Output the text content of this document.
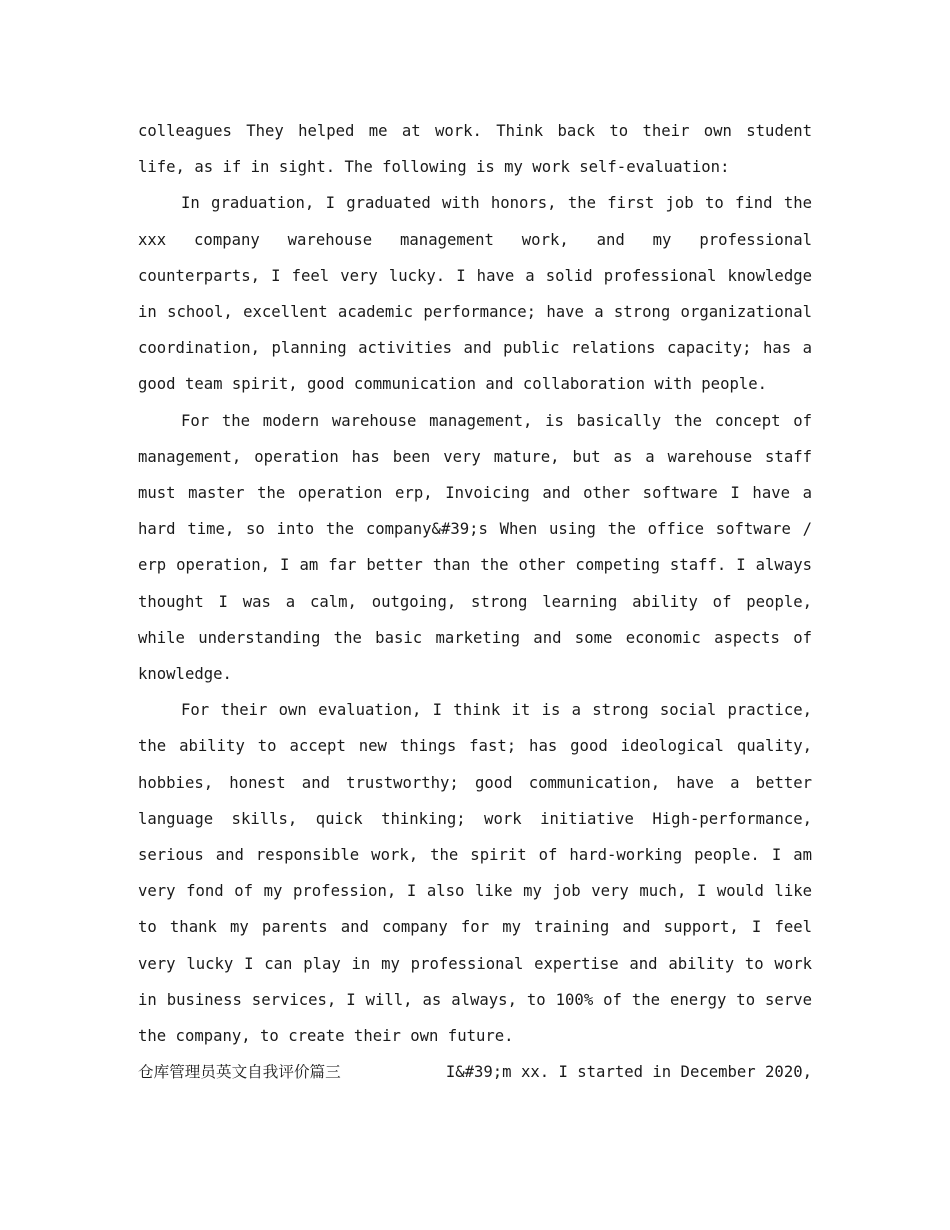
colleagues They helped me at work. Think back to their own student life, as if in sight. The following is my work self-evaluation:

In graduation, I graduated with honors, the first job to find the xxx company warehouse management work, and my professional counterparts, I feel very lucky. I have a solid professional knowledge in school, excellent academic performance; have a strong organizational coordination, planning activities and public relations capacity; has a good team spirit, good communication and collaboration with people.

For the modern warehouse management, is basically the concept of management, operation has been very mature, but as a warehouse staff must master the operation erp, Invoicing and other software I have a hard time, so into the company&#39;s When using the office software / erp operation, I am far better than the other competing staff. I always thought I was a calm, outgoing, strong learning ability of people, while understanding the basic marketing and some economic aspects of knowledge.

For their own evaluation, I think it is a strong social practice, the ability to accept new things fast; has good ideological quality, hobbies, honest and trustworthy; good communication, have a better language skills, quick thinking; work initiative High-performance, serious and responsible work, the spirit of hard-working people. I am very fond of my profession, I also like my job very much, I would like to thank my parents and company for my training and support, I feel very lucky I can play in my professional expertise and ability to work in business services, I will, as always, to 100% of the energy to serve the company, to create their own future.

仓库管理员英文自我评价篇三	I&#39;m xx. I started in December 2020,
